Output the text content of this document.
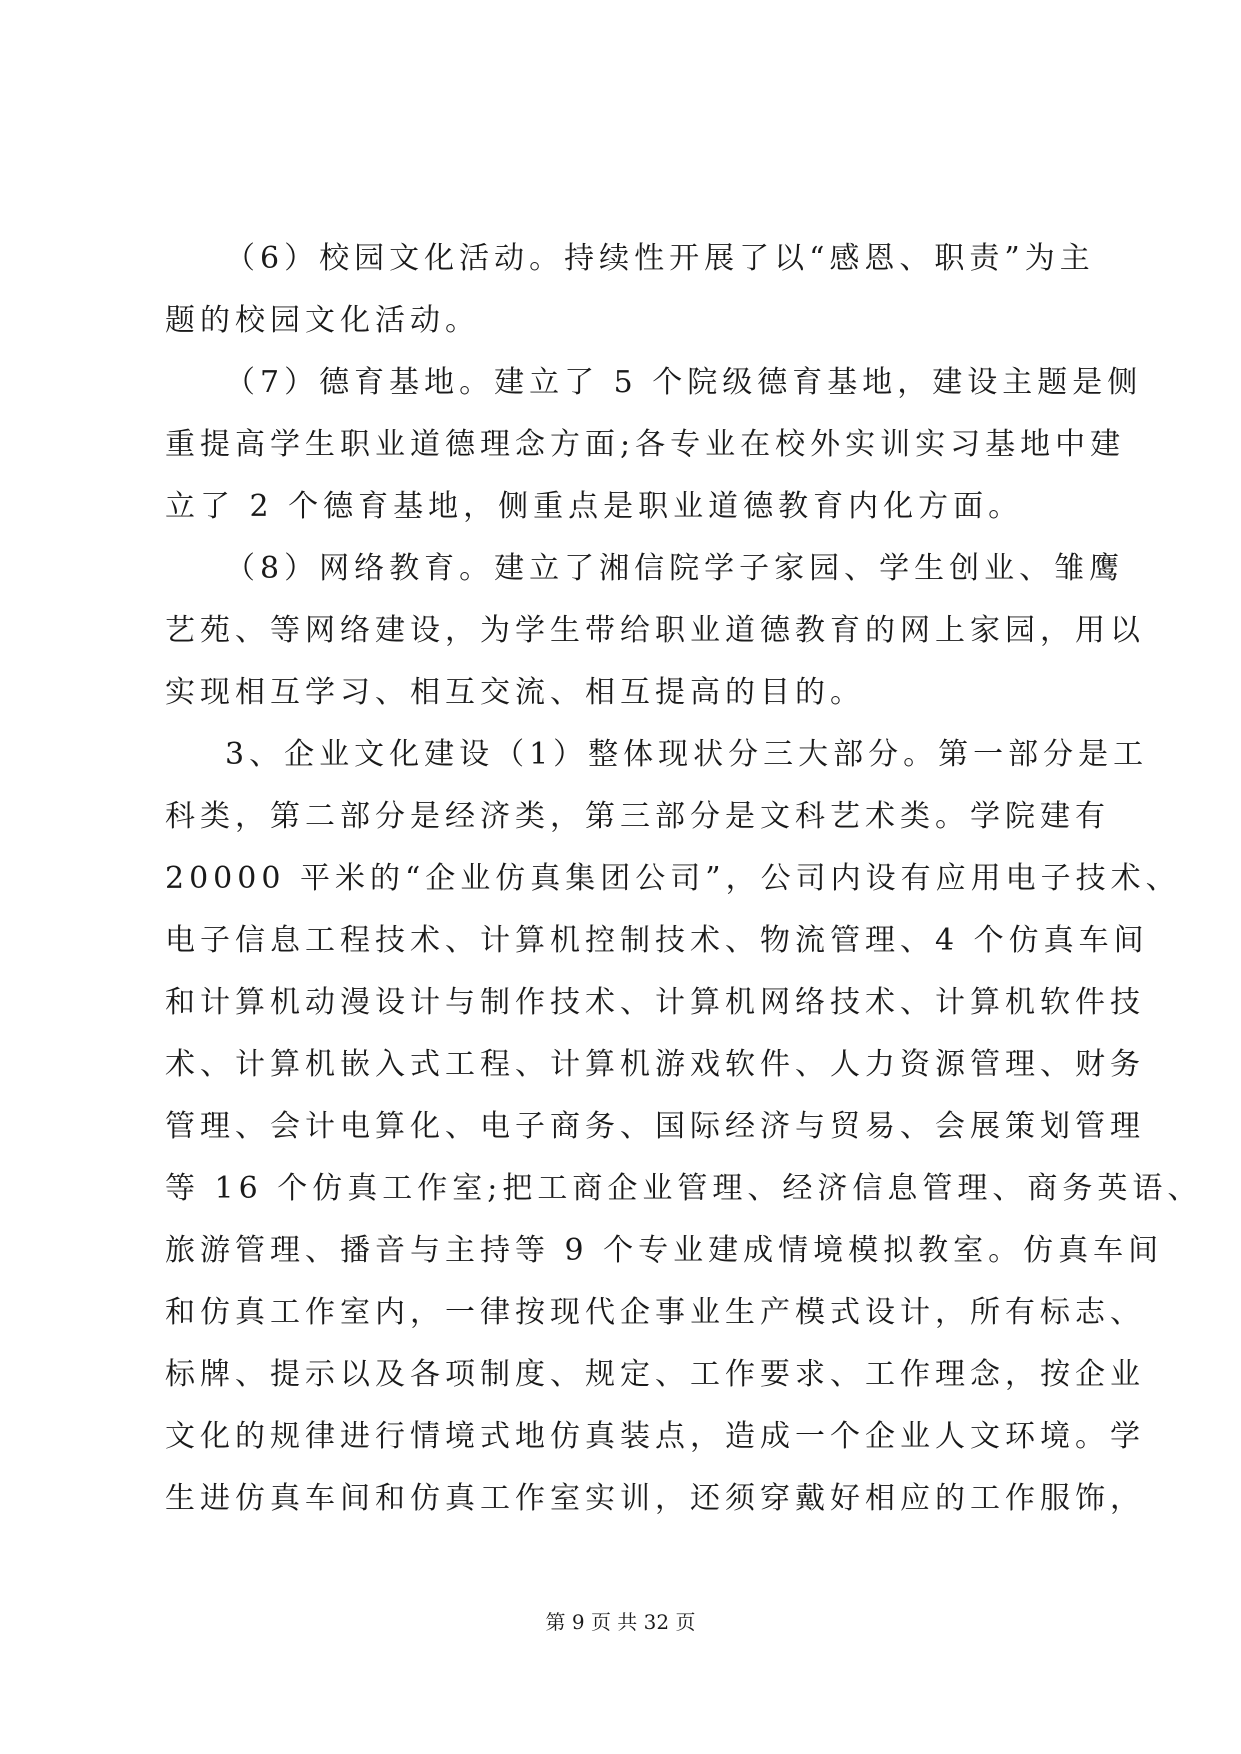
（6）校园文化活动。持续性开展了以“感恩、职责”为主
题的校园文化活动。
（7）德育基地。建立了 5 个院级德育基地，建设主题是侧
重提高学生职业道德理念方面;各专业在校外实训实习基地中建
立了 2 个德育基地，侧重点是职业道德教育内化方面。
（8）网络教育。建立了湘信院学子家园、学生创业、雏鹰
艺苑、等网络建设，为学生带给职业道德教育的网上家园，用以
实现相互学习、相互交流、相互提高的目的。
3、企业文化建设（1）整体现状分三大部分。第一部分是工
科类，第二部分是经济类，第三部分是文科艺术类。学院建有
20000 平米的“企业仿真集团公司”，公司内设有应用电子技术、
电子信息工程技术、计算机控制技术、物流管理、4 个仿真车间
和计算机动漫设计与制作技术、计算机网络技术、计算机软件技
术、计算机嵌入式工程、计算机游戏软件、人力资源管理、财务
管理、会计电算化、电子商务、国际经济与贸易、会展策划管理
等 16 个仿真工作室;把工商企业管理、经济信息管理、商务英语、
旅游管理、播音与主持等 9 个专业建成情境模拟教室。仿真车间
和仿真工作室内，一律按现代企事业生产模式设计，所有标志、
标牌、提示以及各项制度、规定、工作要求、工作理念，按企业
文化的规律进行情境式地仿真装点，造成一个企业人文环境。学
生进仿真车间和仿真工作室实训，还须穿戴好相应的工作服饰，
第 9 页 共 32 页
